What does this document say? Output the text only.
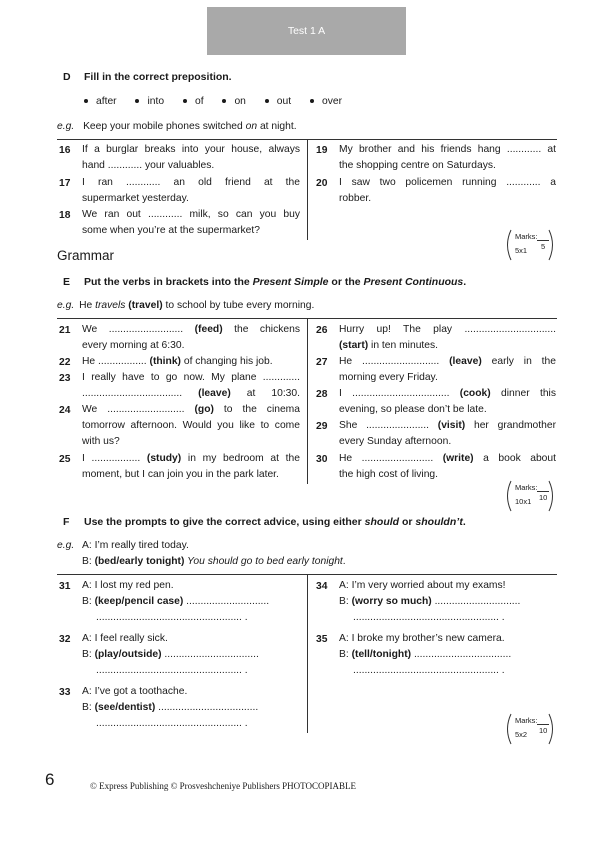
Test 1 A
D Fill in the correct preposition.
after	into	of	on	out	over
e.g. Keep your mobile phones switched on at night.
16	If a burglar breaks into your house, always
hand ............ your valuables.
17	I ran ............ an old friend at the
supermarket yesterday.
18	We ran out ............ milk, so can you buy
some when you’re at the supermarket?
19	My brother and his friends hang ............ at
the shopping centre on Saturdays.
20	I saw two policemen running ............ a
robber.
Marks:
5
5x1
Grammar
E Put the verbs in brackets into the Present Simple or the Present Continuous.
e.g. He travels (travel) to school by tube every morning.
21	We .......................... (feed) the chickens
every morning at 6:30.
22	He ................. (think) of changing his job.
23	I really have to go now. My plane .............
................................... (leave) at 10:30.
24	We ........................... (go) to the cinema
tomorrow afternoon. Would you like to come
with us?
25	I ................. (study) in my bedroom at the
moment, but I can join you in the park later.
26	Hurry up! The play ................................
(start) in ten minutes.
27	He ........................... (leave) early in the
morning every Friday.
28	I .................................. (cook) dinner this
evening, so please don’t be late.
29	She ...................... (visit) her grandmother
every Sunday afternoon.
30	He ......................... (write) a book about
the high cost of living.
Marks:
10
10x1
F Use the prompts to give the correct advice, using either should or shouldn’t.
e.g. A: I’m really tired today.
B: (bed/early tonight) You should go to bed early tonight.
31	A: I lost my red pen.
B: (keep/pencil case) .............................
................................................... .
32	A: I feel really sick.
B: (play/outside) .................................
................................................... .
33	A: I’ve got a toothache.
B: (see/dentist) ...................................
................................................... .
34	A: I’m very worried about my exams!
B: (worry so much) ..............................
................................................... .
35	A: I broke my brother’s new camera.
B: (tell/tonight) ..................................
................................................... .
Marks:
10
5x2
6	© Express Publishing © Prosveshcheniye Publishers PHOTOCOPIABLE
